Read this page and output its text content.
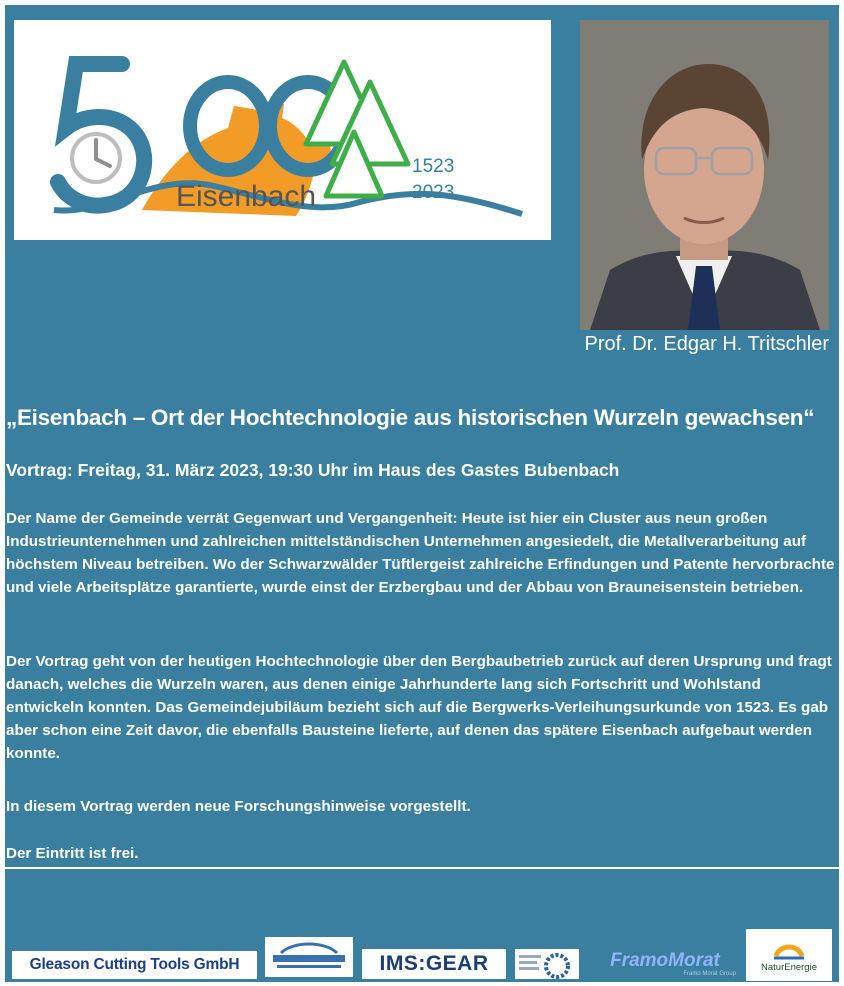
Eisenbach
1523
2023
Prof. Dr. Edgar H. Tritschler
„Eisenbach – Ort der Hochtechnologie aus historischen Wurzeln gewachsen“
Vortrag: Freitag, 31. März 2023, 19:30 Uhr im Haus des Gastes Bubenbach

Der Name der Gemeinde verrät Gegenwart und Vergangenheit: Heute ist hier ein Cluster aus neun großen Industrieunternehmen und zahlreichen mittelständischen Unternehmen angesiedelt, die Metallverarbeitung auf höchstem Niveau betreiben. Wo der Schwarzwälder Tüftlergeist zahlreiche Erfindungen und Patente hervorbrachte und viele Arbeitsplätze garantierte, wurde einst der Erzbergbau und der Abbau von Brauneisenstein betrieben.

Der Vortrag geht von der heutigen Hochtechnologie über den Bergbaubetrieb zurück auf deren Ursprung und fragt danach, welches die Wurzeln waren, aus denen einige Jahrhunderte lang sich Fortschritt und Wohlstand entwickeln konnten. Das Gemeindejubiläum bezieht sich auf die Bergwerks-Verleihungsurkunde von 1523. Es gab aber schon eine Zeit davor, die ebenfalls Bausteine lieferte, auf denen das spätere Eisenbach aufgebaut werden konnte.

In diesem Vortrag werden neue Forschungshinweise vorgestellt.

Der Eintritt ist frei.

Gleason Cutting Tools GmbH	IMS:GEAR	FramoMorat
Framo Morat Group
NaturEnergie
